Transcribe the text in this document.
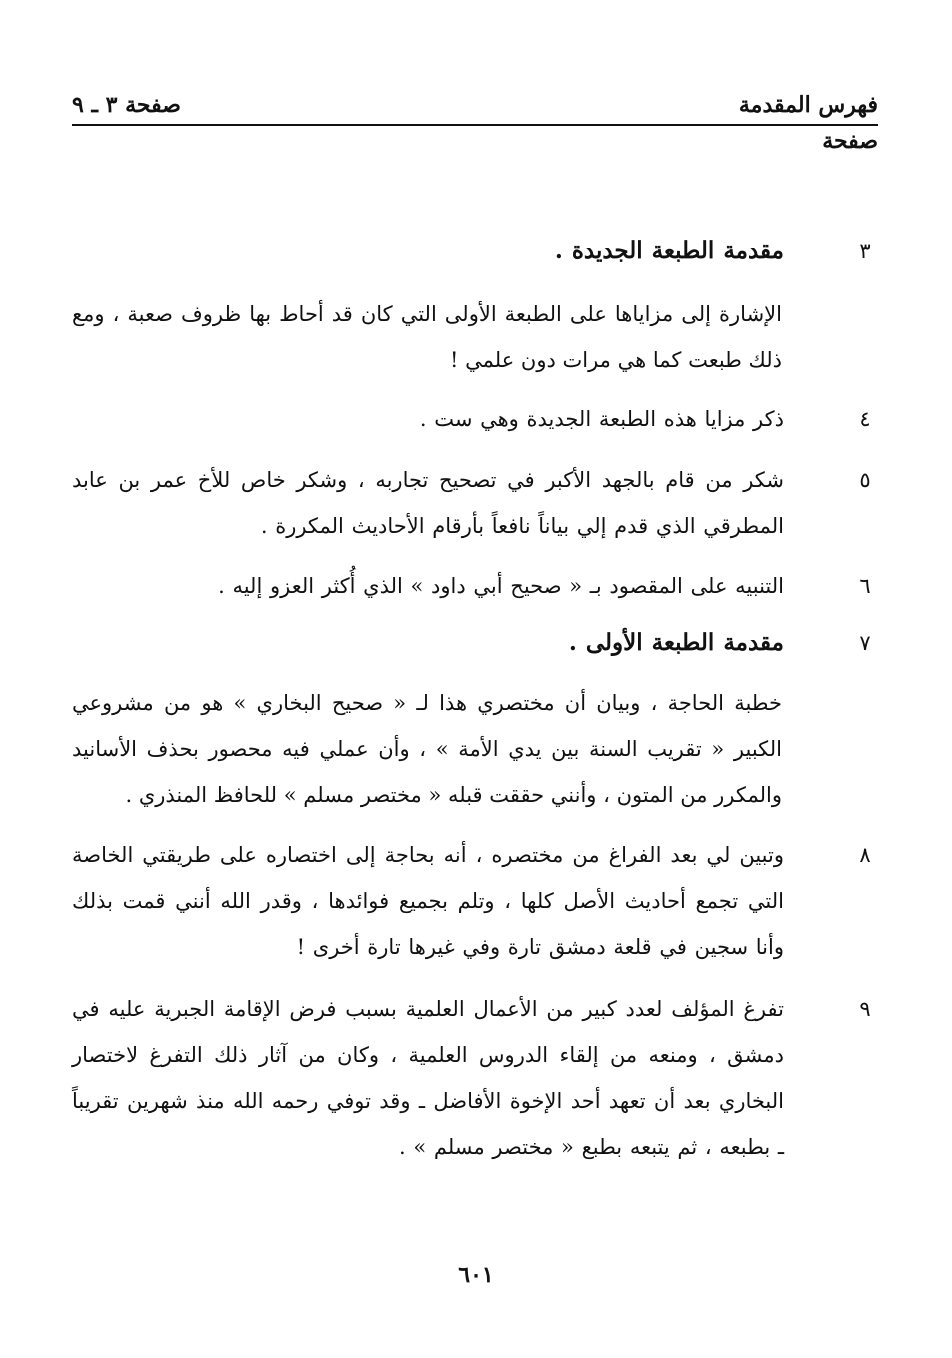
فهرس المقدمة
صفحة ٣ ـ ٩
صفحة
٣
مقدمة الطبعة الجديدة .
الإشارة إلى مزاياها على الطبعة الأولى التي كان قد أحاط بها ظروف صعبة ، ومع ذلك طبعت كما هي مرات دون علمي !
٤
ذكر مزايا هذه الطبعة الجديدة وهي ست .
٥
شكر من قام بالجهد الأكبر في تصحيح تجاربه ، وشكر خاص للأخ عمر بن عابد المطرقي الذي قدم إلي بياناً نافعاً بأرقام الأحاديث المكررة .
٦
التنبيه على المقصود بـ « صحيح أبي داود » الذي أُكثر العزو إليه .
٧
مقدمة الطبعة الأولى .
خطبة الحاجة ، وبيان أن مختصري هذا لـ « صحيح البخاري » هو من مشروعي الكبير « تقريب السنة بين يدي الأمة » ، وأن عملي فيه محصور بحذف الأسانيد والمكرر من المتون ، وأنني حققت قبله « مختصر مسلم » للحافظ المنذري .
٨
وتبين لي بعد الفراغ من مختصره ، أنه بحاجة إلى اختصاره على طريقتي الخاصة التي تجمع أحاديث الأصل كلها ، وتلم بجميع فوائدها ، وقدر الله أنني قمت بذلك وأنا سجين في قلعة دمشق تارة وفي غيرها تارة أخرى !
٩
تفرغ المؤلف لعدد كبير من الأعمال العلمية بسبب فرض الإقامة الجبرية عليه في دمشق ، ومنعه من إلقاء الدروس العلمية ، وكان من آثار ذلك التفرغ لاختصار البخاري بعد أن تعهد أحد الإخوة الأفاضل ـ وقد توفي رحمه الله منذ شهرين تقريباً ـ بطبعه ، ثم يتبعه بطبع « مختصر مسلم » .
٦٠١
